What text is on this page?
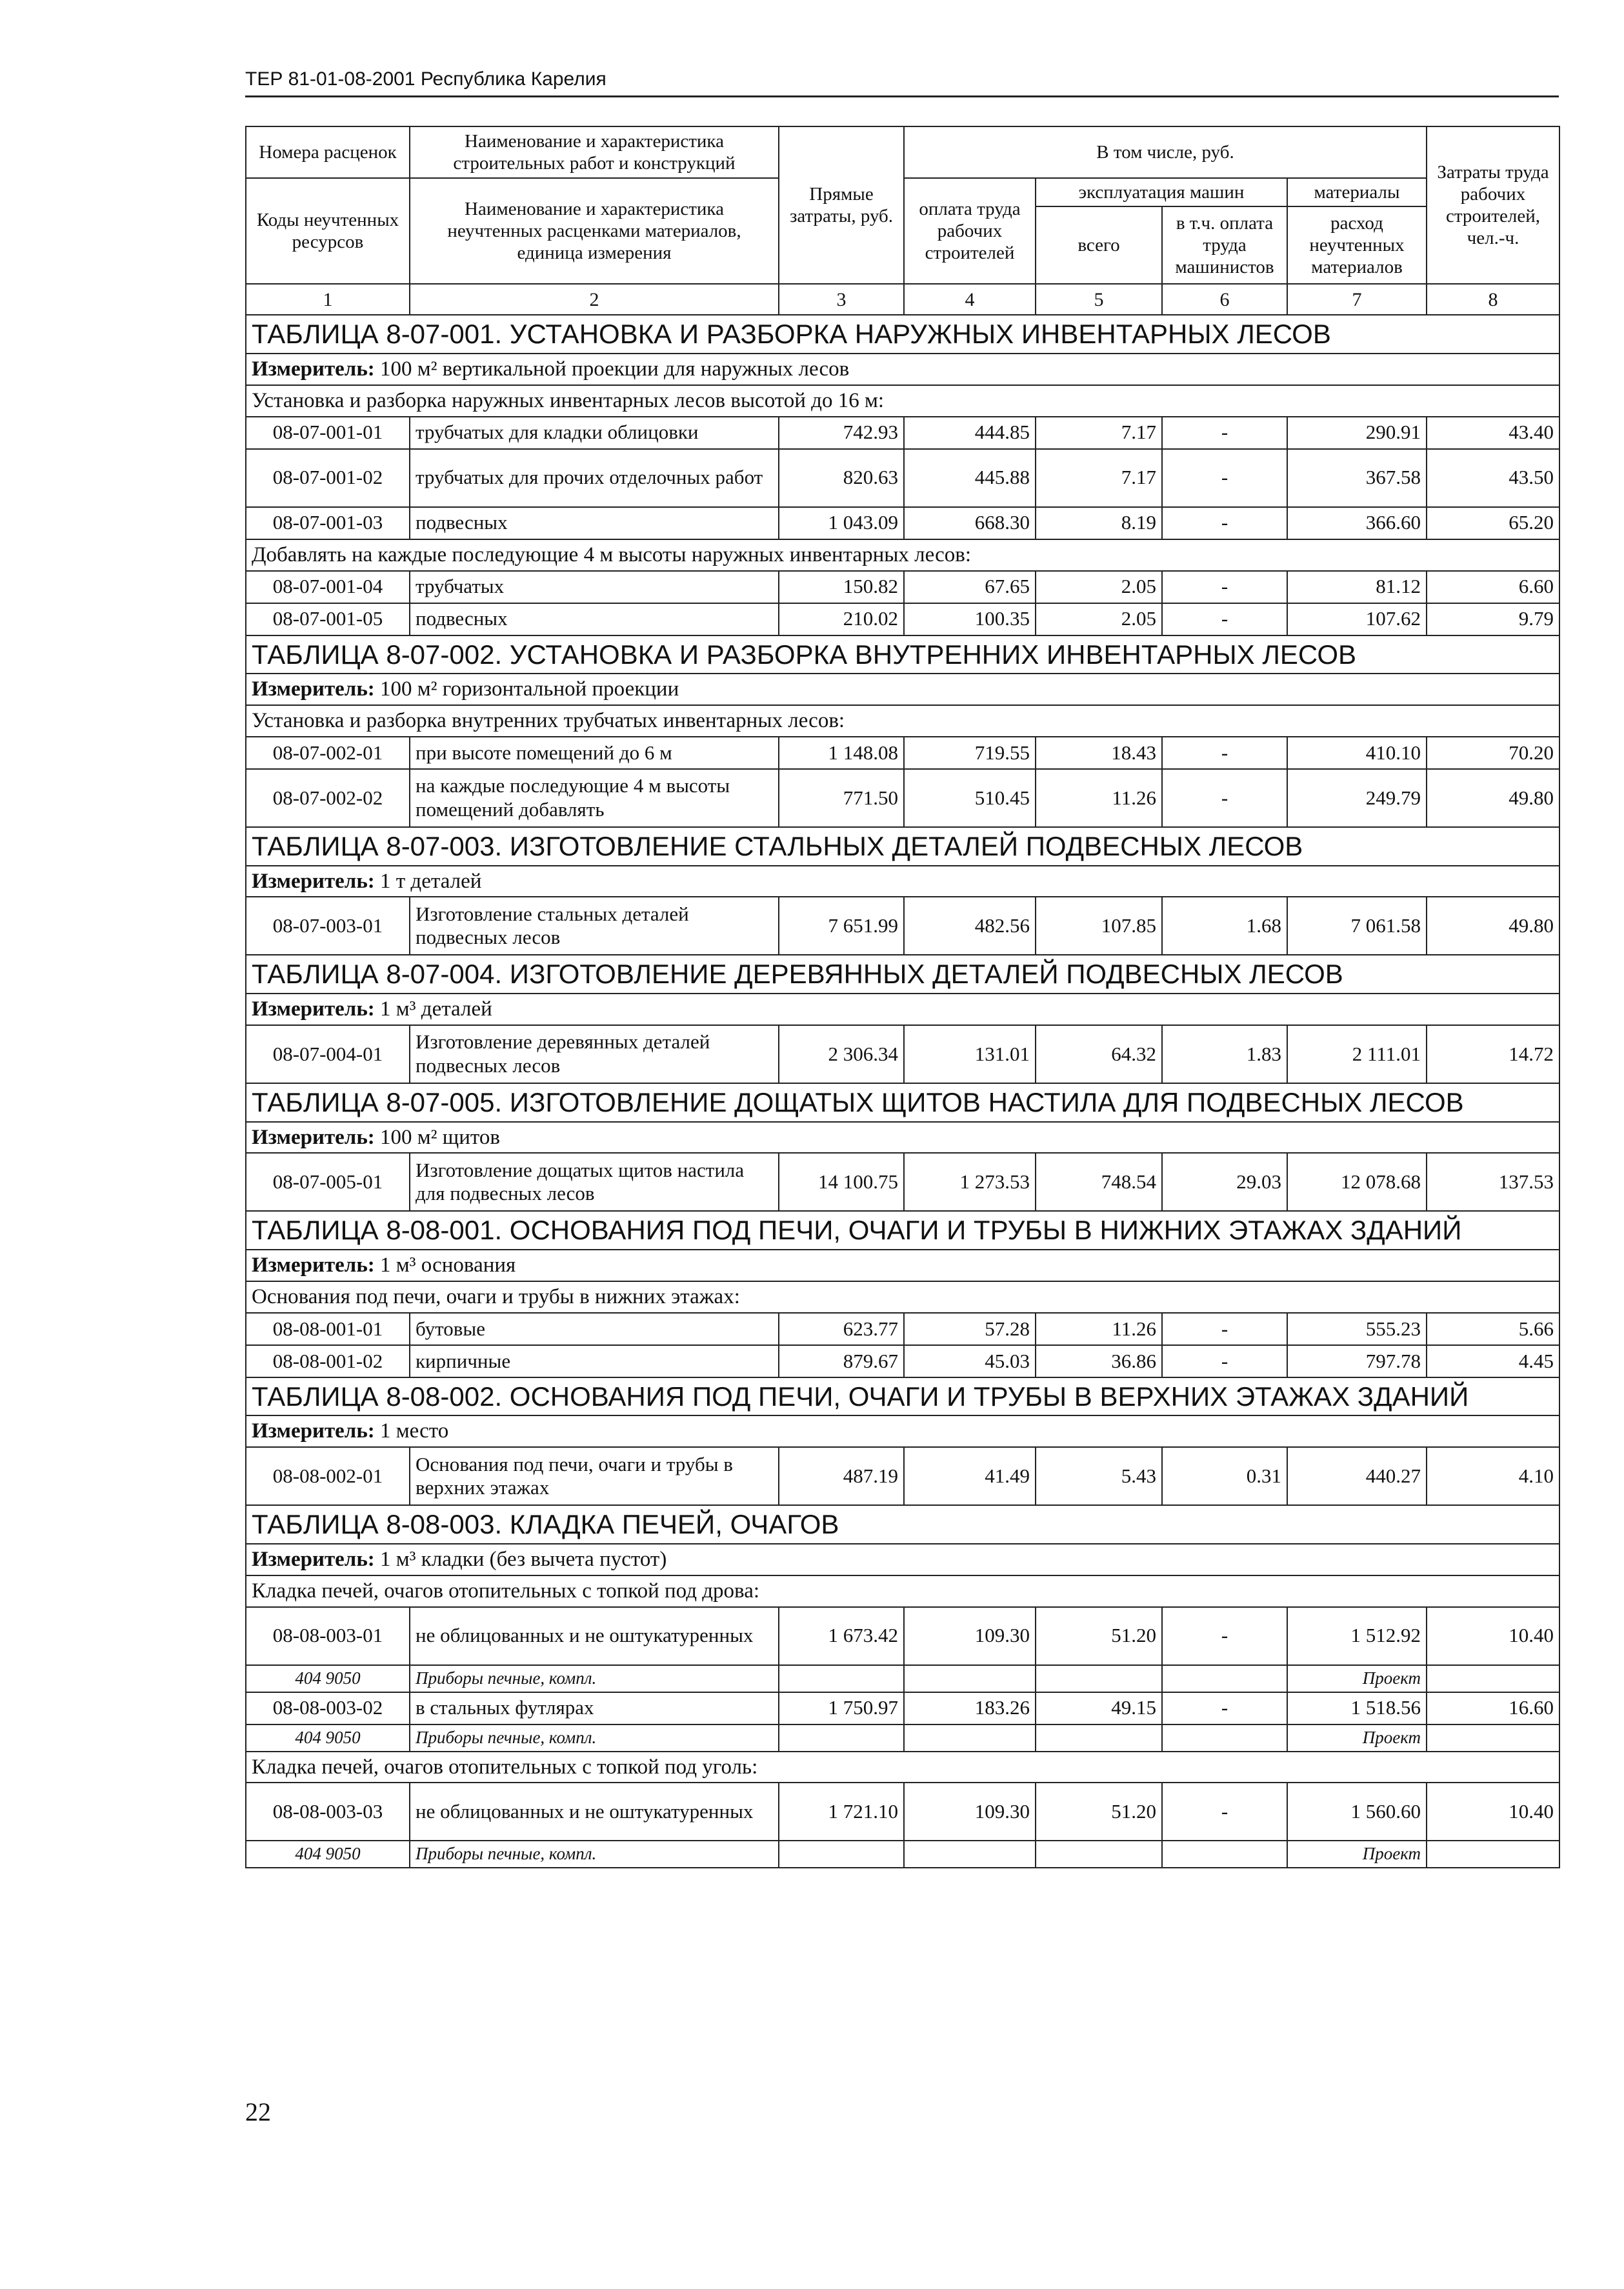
ТЕР 81-01-08-2001 Республика Карелия
Номера расценок	Наименование и характеристика строительных работ и конструкций	Прямые затраты, руб.	В том числе, руб.				Затраты труда рабочих строителей, чел.-ч.
Коды неучтенных ресурсов	Наименование и характеристика неучтенных расценками материалов, единица измерения		оплата труда рабочих строителей	эксплуатация машин		материалы	
				всего	в т.ч. оплата труда машинистов	расход неучтенных материалов	
1	2	3	4	5	6	7	8
ТАБЛИЦА 8-07-001. УСТАНОВКА И РАЗБОРКА НАРУЖНЫХ ИНВЕНТАРНЫХ ЛЕСОВ							
Измеритель: 100 м² вертикальной проекции для наружных лесов							
Установка и разборка наружных инвентарных лесов высотой до 16 м:							
08-07-001-01	трубчатых для кладки облицовки	742.93	444.85	7.17	-	290.91	43.40
08-07-001-02	трубчатых для прочих отделочных работ	820.63	445.88	7.17	-	367.58	43.50
08-07-001-03	подвесных	1 043.09	668.30	8.19	-	366.60	65.20
Добавлять на каждые последующие 4 м высоты наружных инвентарных лесов:							
08-07-001-04	трубчатых	150.82	67.65	2.05	-	81.12	6.60
08-07-001-05	подвесных	210.02	100.35	2.05	-	107.62	9.79
ТАБЛИЦА 8-07-002. УСТАНОВКА И РАЗБОРКА ВНУТРЕННИХ ИНВЕНТАРНЫХ ЛЕСОВ							
Измеритель: 100 м² горизонтальной проекции							
Установка и разборка внутренних трубчатых инвентарных лесов:							
08-07-002-01	при высоте помещений до 6 м	1 148.08	719.55	18.43	-	410.10	70.20
08-07-002-02	на каждые последующие 4 м высоты помещений добавлять	771.50	510.45	11.26	-	249.79	49.80
ТАБЛИЦА 8-07-003. ИЗГОТОВЛЕНИЕ СТАЛЬНЫХ ДЕТАЛЕЙ ПОДВЕСНЫХ ЛЕСОВ							
Измеритель: 1 т деталей							
08-07-003-01	Изготовление стальных деталей подвесных лесов	7 651.99	482.56	107.85	1.68	7 061.58	49.80
ТАБЛИЦА 8-07-004. ИЗГОТОВЛЕНИЕ ДЕРЕВЯННЫХ ДЕТАЛЕЙ ПОДВЕСНЫХ ЛЕСОВ							
Измеритель: 1 м³ деталей							
08-07-004-01	Изготовление деревянных деталей подвесных лесов	2 306.34	131.01	64.32	1.83	2 111.01	14.72
ТАБЛИЦА 8-07-005. ИЗГОТОВЛЕНИЕ ДОЩАТЫХ ЩИТОВ НАСТИЛА ДЛЯ ПОДВЕСНЫХ ЛЕСОВ							
Измеритель: 100 м² щитов							
08-07-005-01	Изготовление дощатых щитов настила для подвесных лесов	14 100.75	1 273.53	748.54	29.03	12 078.68	137.53
ТАБЛИЦА 8-08-001. ОСНОВАНИЯ ПОД ПЕЧИ, ОЧАГИ И ТРУБЫ В НИЖНИХ ЭТАЖАХ ЗДАНИЙ							
Измеритель: 1 м³ основания							
Основания под печи, очаги и трубы в нижних этажах:							
08-08-001-01	бутовые	623.77	57.28	11.26	-	555.23	5.66
08-08-001-02	кирпичные	879.67	45.03	36.86	-	797.78	4.45
ТАБЛИЦА 8-08-002. ОСНОВАНИЯ ПОД ПЕЧИ, ОЧАГИ И ТРУБЫ В ВЕРХНИХ ЭТАЖАХ ЗДАНИЙ							
Измеритель: 1 место							
08-08-002-01	Основания под печи, очаги и трубы в верхних этажах	487.19	41.49	5.43	0.31	440.27	4.10
ТАБЛИЦА 8-08-003. КЛАДКА ПЕЧЕЙ, ОЧАГОВ							
Измеритель: 1 м³ кладки (без вычета пустот)							
Кладка печей, очагов отопительных с топкой под дрова:							
08-08-003-01	не облицованных и не оштукатуренных	1 673.42	109.30	51.20	-	1 512.92	10.40
404 9050	Приборы печные, компл.					Проект	
08-08-003-02	в стальных футлярах	1 750.97	183.26	49.15	-	1 518.56	16.60
404 9050	Приборы печные, компл.					Проект	
Кладка печей, очагов отопительных с топкой под уголь:							
08-08-003-03	не облицованных и не оштукатуренных	1 721.10	109.30	51.20	-	1 560.60	10.40
404 9050	Приборы печные, компл.					Проект	
22
